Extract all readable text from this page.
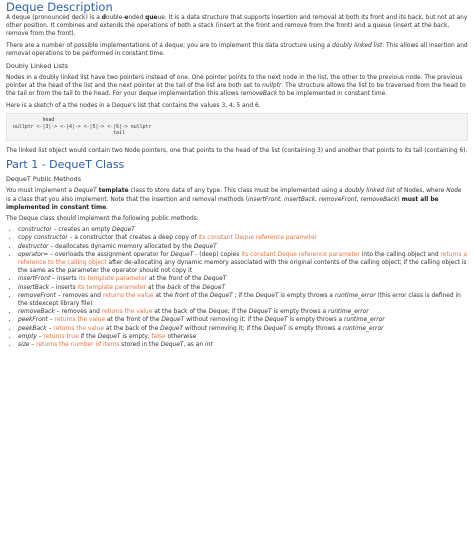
Deque Description

A deque (pronounced deck) is a double-ended queue. It is a data structure that supports insertion and removal at both its front and its back, but not at any other position. It combines and extends the operations of both a stack (insert at the front and remove from the front) and a queue (insert at the back, remove from the front).

There are a number of possible implementations of a deque; you are to implement this data structure using a doubly linked list. This allows all insertion and removal operations to be performed in constant time.

Doubly Linked Lists

Nodes in a doubly linked list have two pointers instead of one. One pointer points to the next node in the list, the other to the previous node. The previous pointer at the head of the list and the next pointer at the tail of the list are both set to nullptr. The structure allows the list to be traversed from the head to the tail or from the tail to the head. For your deque implementation this allows removeBack to be implemented in constant time.

Here is a sketch of a the nodes in a Deque's list that contains the values 3, 4, 5 and 6.

head
nullptr <-|3|-> <-|4|-> <-|5|-> <-|6|-> nullptr
tail

The linked list object would contain two Node pointers, one that points to the head of the list (containing 3) and another that points to its tail (containing 6).

Part 1 - DequeT Class
DequeT Public Methods

You must implement a DequeT template class to store data of any type. This class must be implemented using a doubly linked list of Nodes, where Node is a class that you also implement. Note that the insertion and removal methods (insertFront, insertBack, removeFront, removeBack) must all be implemented in constant time.

The Deque class should implement the following public methods:

• constructor – creates an empty DequeT
• copy constructor – a constructor that creates a deep copy of its constant Deque reference parameter
• destructor – deallocates dynamic memory allocated by the DequeT
• operator= – overloads the assignment operator for DequeT - (deep) copies its constant Deque reference parameter into the calling object and returns a reference to the calling object after de-allocating any dynamic memory associated with the original contents of the calling object; if the calling object is the same as the parameter the operator should not copy it
• insertFront – inserts its template parameter at the front of the DequeT
• insertBack – inserts its template parameter at the back of the DequeT
• removeFront – removes and returns the value at the front of the DequeT ; if the DequeT is empty throws a runtime_error (this error class is defined in the stdexcept library file)
• removeBack – removes and returns the value at the back of the Deque; if the DequeT is empty throws a runtime_error
• peekFront – returns the value at the front of the DequeT without removing it; if the DequeT is empty throws a runtime_error
• peekBack – returns the value at the back of the DequeT without removing it; if the DequeT is empty throws a runtime_error
• empty – returns true if the DequeT is empty, false otherwise
• size – returns the number of items stored in the DequeT, as an int
